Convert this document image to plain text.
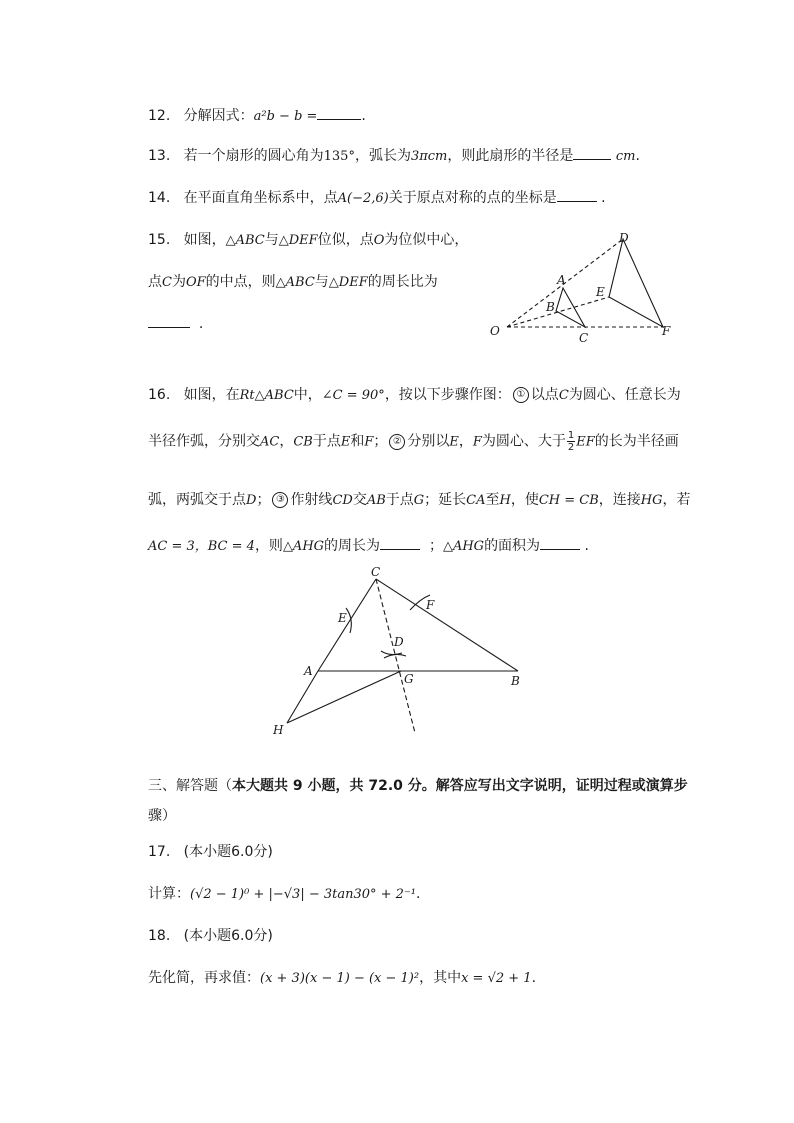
12. 分解因式：a²b − b =	.
13. 若一个扇形的圆心角为135°，弧长为3πcm，则此扇形的半径是	cm.
14. 在平面直角坐标系中，点A(−2,6)关于原点对称的点的坐标是	.
15. 如图，△ABC与△DEF位似，点O为位似中心，
点C为OF的中点，则△ABC与△DEF的周长比为
.
D
A
E
B
O	C	F
16. 如图，在Rt△ABC中，∠C = 90°，按以下步骤作图： ① 以点C为圆心、任意长为
半径作弧，分别交AC，CB于点E和F； ② 分别以E，F为圆心、大于 $\frac{1}{2}$ EF的长为半径画
弧，两弧交于点D； ③ 作射线CD交AB于点G；延长CA至H，使CH = CB，连接HG，若
AC = 3，BC = 4，则△AHG的周长为	；△AHG的面积为	.
C
E
F
D
A
G	B
H
三、解答题（本大题共 9 小题，共 72.0 分。解答应写出文字说明，证明过程或演算步
骤）
17. (本小题6.0分)
计算：(√2 − 1)⁰ + |−√3| − 3tan30° + 2⁻¹.
18. (本小题6.0分)
先化简，再求值：(x + 3)(x − 1) − (x − 1)²，其中x = √2 + 1.
